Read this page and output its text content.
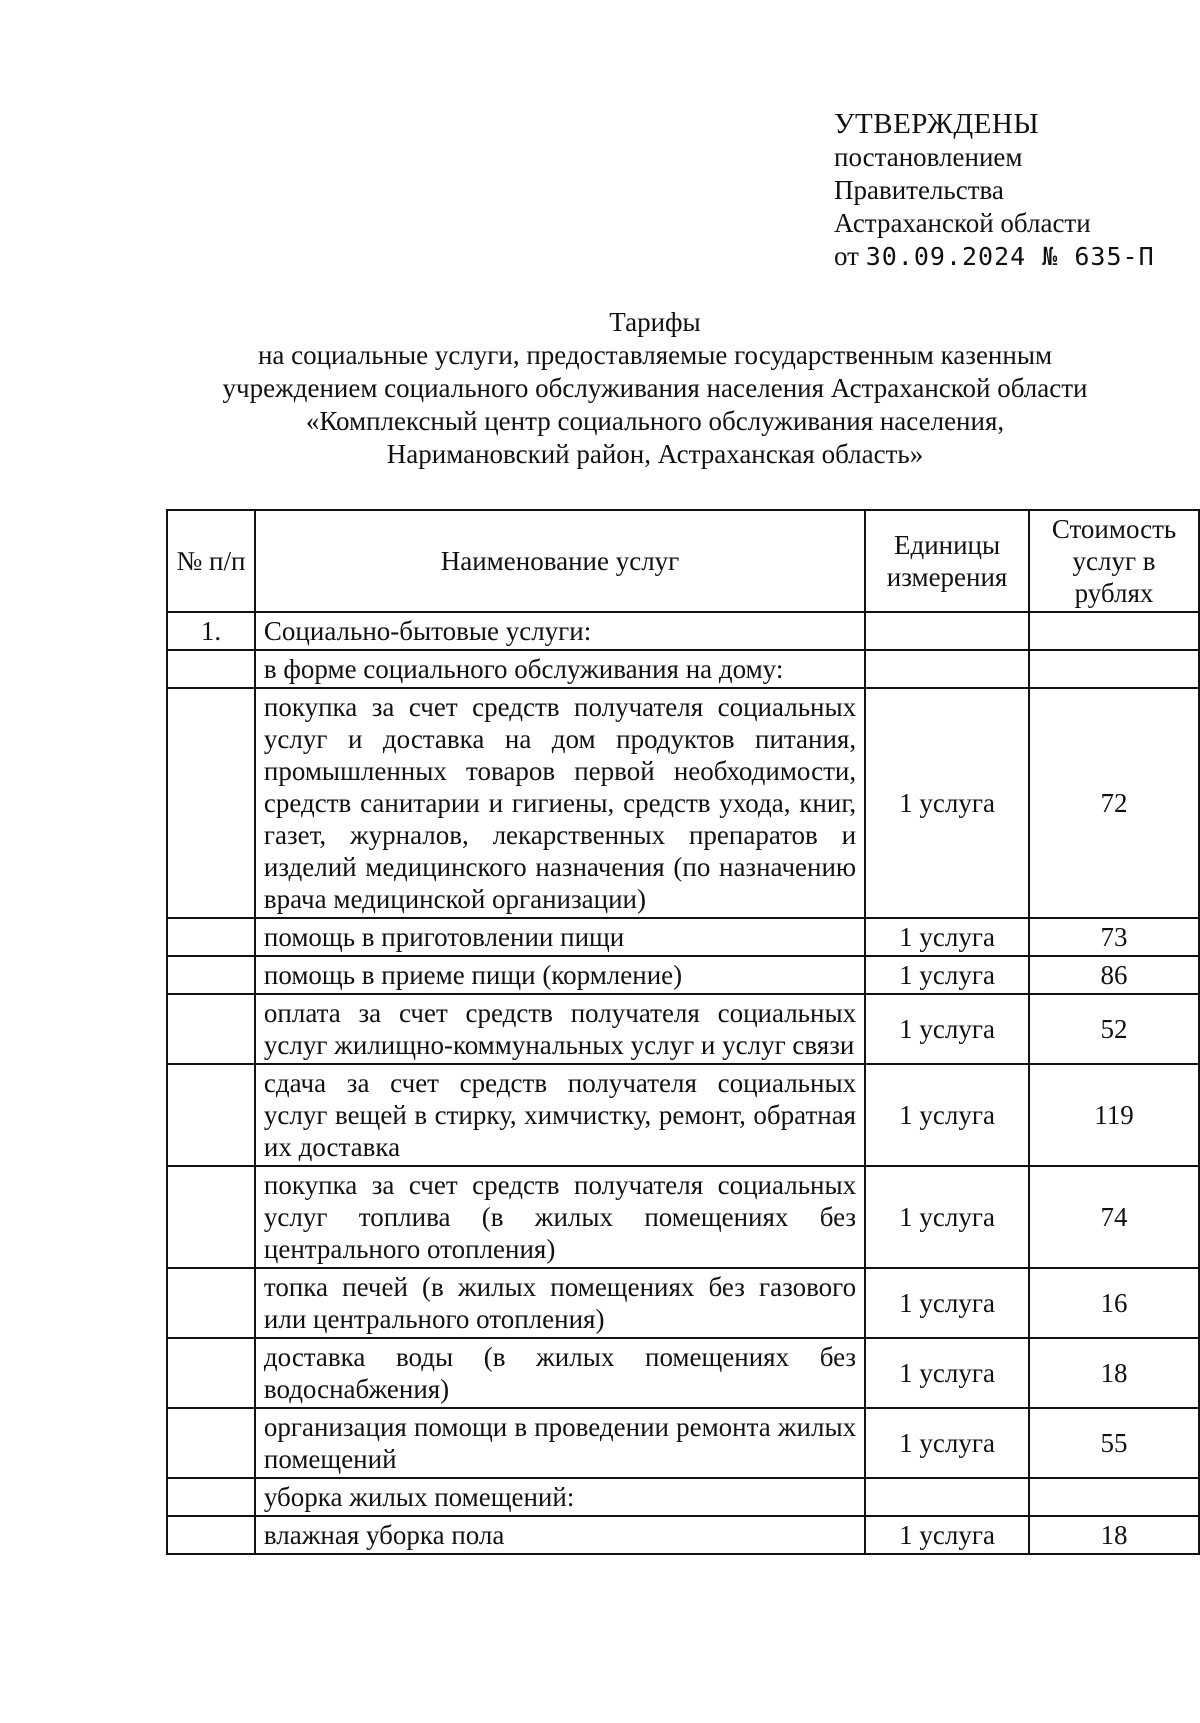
УТВЕРЖДЕНЫ
постановлением
Правительства
Астраханской области
от 30.09.2024 № 635-П
Тарифы
на социальные услуги, предоставляемые государственным казенным
учреждением социального обслуживания населения Астраханской области
«Комплексный центр социального обслуживания населения,
Наримановский район, Астраханская область»
№ п/п	Наименование услуг	Единицы измерения	Стоимость услуг в рублях
1.	Социально-бытовые услуги:		
	в форме социального обслуживания на дому:		
	покупка за счет средств получателя социальных услуг и доставка на дом продуктов питания, промышленных товаров первой необходимости, средств санитарии и гигиены, средств ухода, книг, газет, журналов, лекарственных препаратов и изделий медицинского назначения (по назначению врача медицинской организации)	1 услуга	72
	помощь в приготовлении пищи	1 услуга	73
	помощь в приеме пищи (кормление)	1 услуга	86
	оплата за счет средств получателя социальных услуг жилищно-коммунальных услуг и услуг связи	1 услуга	52
	сдача за счет средств получателя социальных услуг вещей в стирку, химчистку, ремонт, обратная их доставка	1 услуга	119
	покупка за счет средств получателя социальных услуг топлива (в жилых помещениях без центрального отопления)	1 услуга	74
	топка печей (в жилых помещениях без газового или центрального отопления)	1 услуга	16
	доставка воды (в жилых помещениях без водоснабжения)	1 услуга	18
	организация помощи в проведении ремонта жилых помещений	1 услуга	55
	уборка жилых помещений:		
	влажная уборка пола	1 услуга	18
